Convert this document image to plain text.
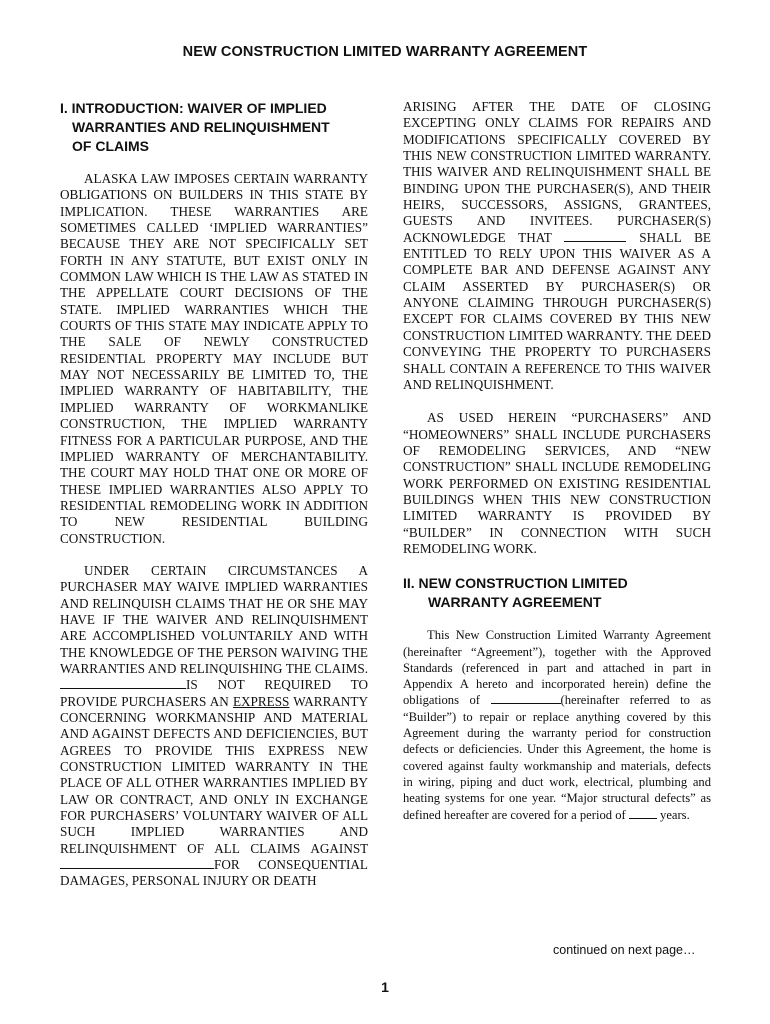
NEW CONSTRUCTION LIMITED WARRANTY AGREEMENT
I. INTRODUCTION: WAIVER OF IMPLIED
WARRANTIES AND RELINQUISHMENT
OF CLAIMS

ALASKA LAW IMPOSES CERTAIN WARRANTY OBLIGATIONS ON BUILDERS IN THIS STATE BY IMPLICATION. THESE WARRANTIES ARE SOMETIMES CALLED ‘IMPLIED WARRANTIES” BECAUSE THEY ARE NOT SPECIFICALLY SET FORTH IN ANY STATUTE, BUT EXIST ONLY IN COMMON LAW WHICH IS THE LAW AS STATED IN THE APPELLATE COURT DECISIONS OF THE STATE. IMPLIED WARRANTIES WHICH THE COURTS OF THIS STATE MAY INDICATE APPLY TO THE SALE OF NEWLY CONSTRUCTED RESIDENTIAL PROPERTY MAY INCLUDE BUT MAY NOT NECESSARILY BE LIMITED TO, THE IMPLIED WARRANTY OF HABITABILITY, THE IMPLIED WARRANTY OF WORKMANLIKE CONSTRUCTION, THE IMPLIED WARRANTY FITNESS FOR A PARTICULAR PURPOSE, AND THE IMPLIED WARRANTY OF MERCHANTABILITY. THE COURT MAY HOLD THAT ONE OR MORE OF THESE IMPLIED WARRANTIES ALSO APPLY TO RESIDENTIAL REMODELING WORK IN ADDITION TO NEW RESIDENTIAL BUILDING CONSTRUCTION.

UNDER CERTAIN CIRCUMSTANCES A PURCHASER MAY WAIVE IMPLIED WARRANTIES AND RELINQUISH CLAIMS THAT HE OR SHE MAY HAVE IF THE WAIVER AND RELINQUISHMENT ARE ACCOMPLISHED VOLUNTARILY AND WITH THE KNOWLEDGE OF THE PERSON WAIVING THE WARRANTIES AND RELINQUISHING THE CLAIMS. IS NOT REQUIRED TO PROVIDE PURCHASERS AN EXPRESS WARRANTY CONCERNING WORKMANSHIP AND MATERIAL AND AGAINST DEFECTS AND DEFICIENCIES, BUT AGREES TO PROVIDE THIS EXPRESS NEW CONSTRUCTION LIMITED WARRANTY IN THE PLACE OF ALL OTHER WARRANTIES IMPLIED BY LAW OR CONTRACT, AND ONLY IN EXCHANGE FOR PURCHASERS’ VOLUNTARY WAIVER OF ALL SUCH IMPLIED WARRANTIES AND RELINQUISHMENT OF ALL CLAIMS AGAINST FOR CONSEQUENTIAL DAMAGES, PERSONAL INJURY OR DEATH

ARISING AFTER THE DATE OF CLOSING EXCEPTING ONLY CLAIMS FOR REPAIRS AND MODIFICATIONS SPECIFICALLY COVERED BY THIS NEW CONSTRUCTION LIMITED WARRANTY. THIS WAIVER AND RELINQUISHMENT SHALL BE BINDING UPON THE PURCHASER(S), AND THEIR HEIRS, SUCCESSORS, ASSIGNS, GRANTEES, GUESTS AND INVITEES. PURCHASER(S) ACKNOWLEDGE THAT	SHALL BE ENTITLED TO RELY UPON THIS WAIVER AS A COMPLETE BAR AND DEFENSE AGAINST ANY CLAIM ASSERTED BY PURCHASER(S) OR ANYONE CLAIMING THROUGH PURCHASER(S) EXCEPT FOR CLAIMS COVERED BY THIS NEW CONSTRUCTION LIMITED WARRANTY. THE DEED CONVEYING THE PROPERTY TO PURCHASERS SHALL CONTAIN A REFERENCE TO THIS WAIVER AND RELINQUISHMENT.

AS USED HEREIN “PURCHASERS” AND “HOMEOWNERS” SHALL INCLUDE PURCHASERS OF REMODELING SERVICES, AND “NEW CONSTRUCTION” SHALL INCLUDE REMODELING WORK PERFORMED ON EXISTING RESIDENTIAL BUILDINGS WHEN THIS NEW CONSTRUCTION LIMITED WARRANTY IS PROVIDED BY “BUILDER” IN CONNECTION WITH SUCH REMODELING WORK.

II. NEW CONSTRUCTION LIMITED
WARRANTY AGREEMENT

This New Construction Limited Warranty Agreement (hereinafter “Agreement”), together with the Approved Standards (referenced in part and attached in part in Appendix A hereto and incorporated herein) define the obligations of	(hereinafter referred to as “Builder”) to repair or replace anything covered by this Agreement during the warranty period for construction defects or deficiencies. Under this Agreement, the home is covered against faulty workmanship and materials, defects in wiring, piping and duct work, electrical, plumbing and heating systems for one year. “Major structural defects” as defined hereafter are covered for a period of	years.

continued on next page…
1
